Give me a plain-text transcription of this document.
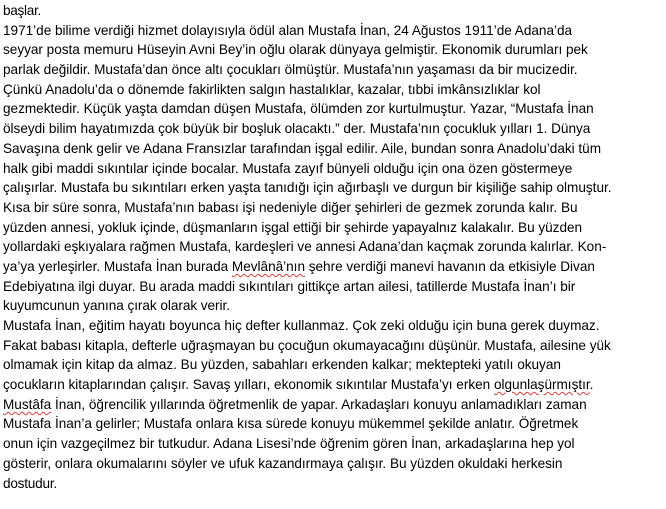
başlar.
1971’de bilime verdiği hizmet dolayısıyla ödül alan Mustafa İnan, 24 Ağustos 1911’de Adana’da
seyyar posta memuru Hüseyin Avni Bey’in oğlu olarak dünyaya gelmiştir. Ekonomik durumları pek
parlak değildir. Mustafa’dan önce altı çocukları ölmüştür. Mustafa’nın yaşaması da bir mucizedir.
Çünkü Anadolu’da o dönemde fakirlikten salgın hastalıklar, kazalar, tıbbi imkânsızlıklar kol
gezmektedir. Küçük yaşta damdan düşen Mustafa, ölümden zor kurtulmuştur. Yazar, “Mustafa İnan
ölseydi bilim hayatımızda çok büyük bir boşluk olacaktı.” der. Mustafa’nın çocukluk yılları 1. Dünya
Savaşına denk gelir ve Adana Fransızlar tarafından işgal edilir. Aile, bundan sonra Anadolu’daki tüm
halk gibi maddi sıkıntılar içinde bocalar. Mustafa zayıf bünyeli olduğu için ona özen göstermeye
çalışırlar. Mustafa bu sıkıntıları erken yaşta tanıdığı için ağırbaşlı ve durgun bir kişiliğe sahip olmuştur.
Kısa bir süre sonra, Mustafa’nın babası işi nedeniyle diğer şehirleri de gezmek zorunda kalır. Bu
yüzden annesi, yokluk içinde, düşmanların işgal ettiği bir şehirde yapayalnız kalakalır. Bu yüzden
yollardaki eşkıyalara rağmen Mustafa, kardeşleri ve annesi Adana’dan kaçmak zorunda kalırlar. Kon-
ya’ya yerleşirler. Mustafa İnan burada Mevlânâ’nın şehre verdiği manevi havanın da etkisiyle Divan
Edebiyatına ilgi duyar. Bu arada maddi sıkıntıları gittikçe artan ailesi, tatillerde Mustafa İnan’ı bir
kuyumcunun yanına çırak olarak verir.
Mustafa İnan, eğitim hayatı boyunca hiç defter kullanmaz. Çok zeki olduğu için buna gerek duymaz.
Fakat babası kitapla, defterle uğraşmayan bu çocuğun okumayacağını düşünür. Mustafa, ailesine yük
olmamak için kitap da almaz. Bu yüzden, sabahları erkenden kalkar; mektepteki yatılı okuyan
çocukların kitaplarından çalışır. Savaş yılları, ekonomik sıkıntılar Mustafa’yı erken olgunlaşürmıştır.
Mustâfa İnan, öğrencilik yıllarında öğretmenlik de yapar. Arkadaşları konuyu anlamadıkları zaman
Mustafa İnan’a gelirler; Mustafa onlara kısa sürede konuyu mükemmel şekilde anlatır. Öğretmek
onun için vazgeçilmez bir tutkudur. Adana Lisesi’nde öğrenim gören İnan, arkadaşlarına hep yol
gösterir, onlara okumalarını söyler ve ufuk kazandırmaya çalışır. Bu yüzden okuldaki herkesin
dostudur.
